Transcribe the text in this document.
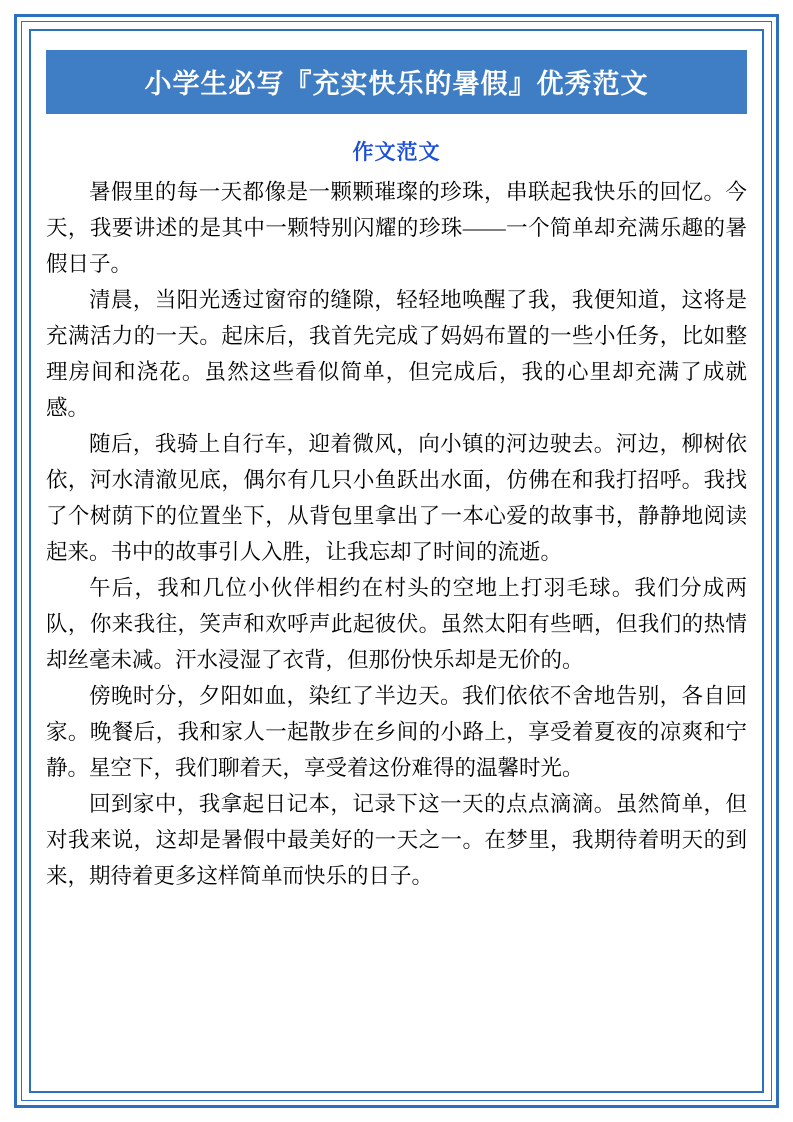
小学生必写『充实快乐的暑假』优秀范文
作文范文

暑假里的每一天都像是一颗颗璀璨的珍珠，串联起我快乐的回忆。今天，我要讲述的是其中一颗特别闪耀的珍珠——一个简单却充满乐趣的暑假日子。

清晨，当阳光透过窗帘的缝隙，轻轻地唤醒了我，我便知道，这将是充满活力的一天。起床后，我首先完成了妈妈布置的一些小任务，比如整理房间和浇花。虽然这些看似简单，但完成后，我的心里却充满了成就感。

随后，我骑上自行车，迎着微风，向小镇的河边驶去。河边，柳树依依，河水清澈见底，偶尔有几只小鱼跃出水面，仿佛在和我打招呼。我找了个树荫下的位置坐下，从背包里拿出了一本心爱的故事书，静静地阅读起来。书中的故事引人入胜，让我忘却了时间的流逝。

午后，我和几位小伙伴相约在村头的空地上打羽毛球。我们分成两队，你来我往，笑声和欢呼声此起彼伏。虽然太阳有些晒，但我们的热情却丝毫未减。汗水浸湿了衣背，但那份快乐却是无价的。

傍晚时分，夕阳如血，染红了半边天。我们依依不舍地告别，各自回家。晚餐后，我和家人一起散步在乡间的小路上，享受着夏夜的凉爽和宁静。星空下，我们聊着天，享受着这份难得的温馨时光。

回到家中，我拿起日记本，记录下这一天的点点滴滴。虽然简单，但对我来说，这却是暑假中最美好的一天之一。在梦里，我期待着明天的到来，期待着更多这样简单而快乐的日子。
